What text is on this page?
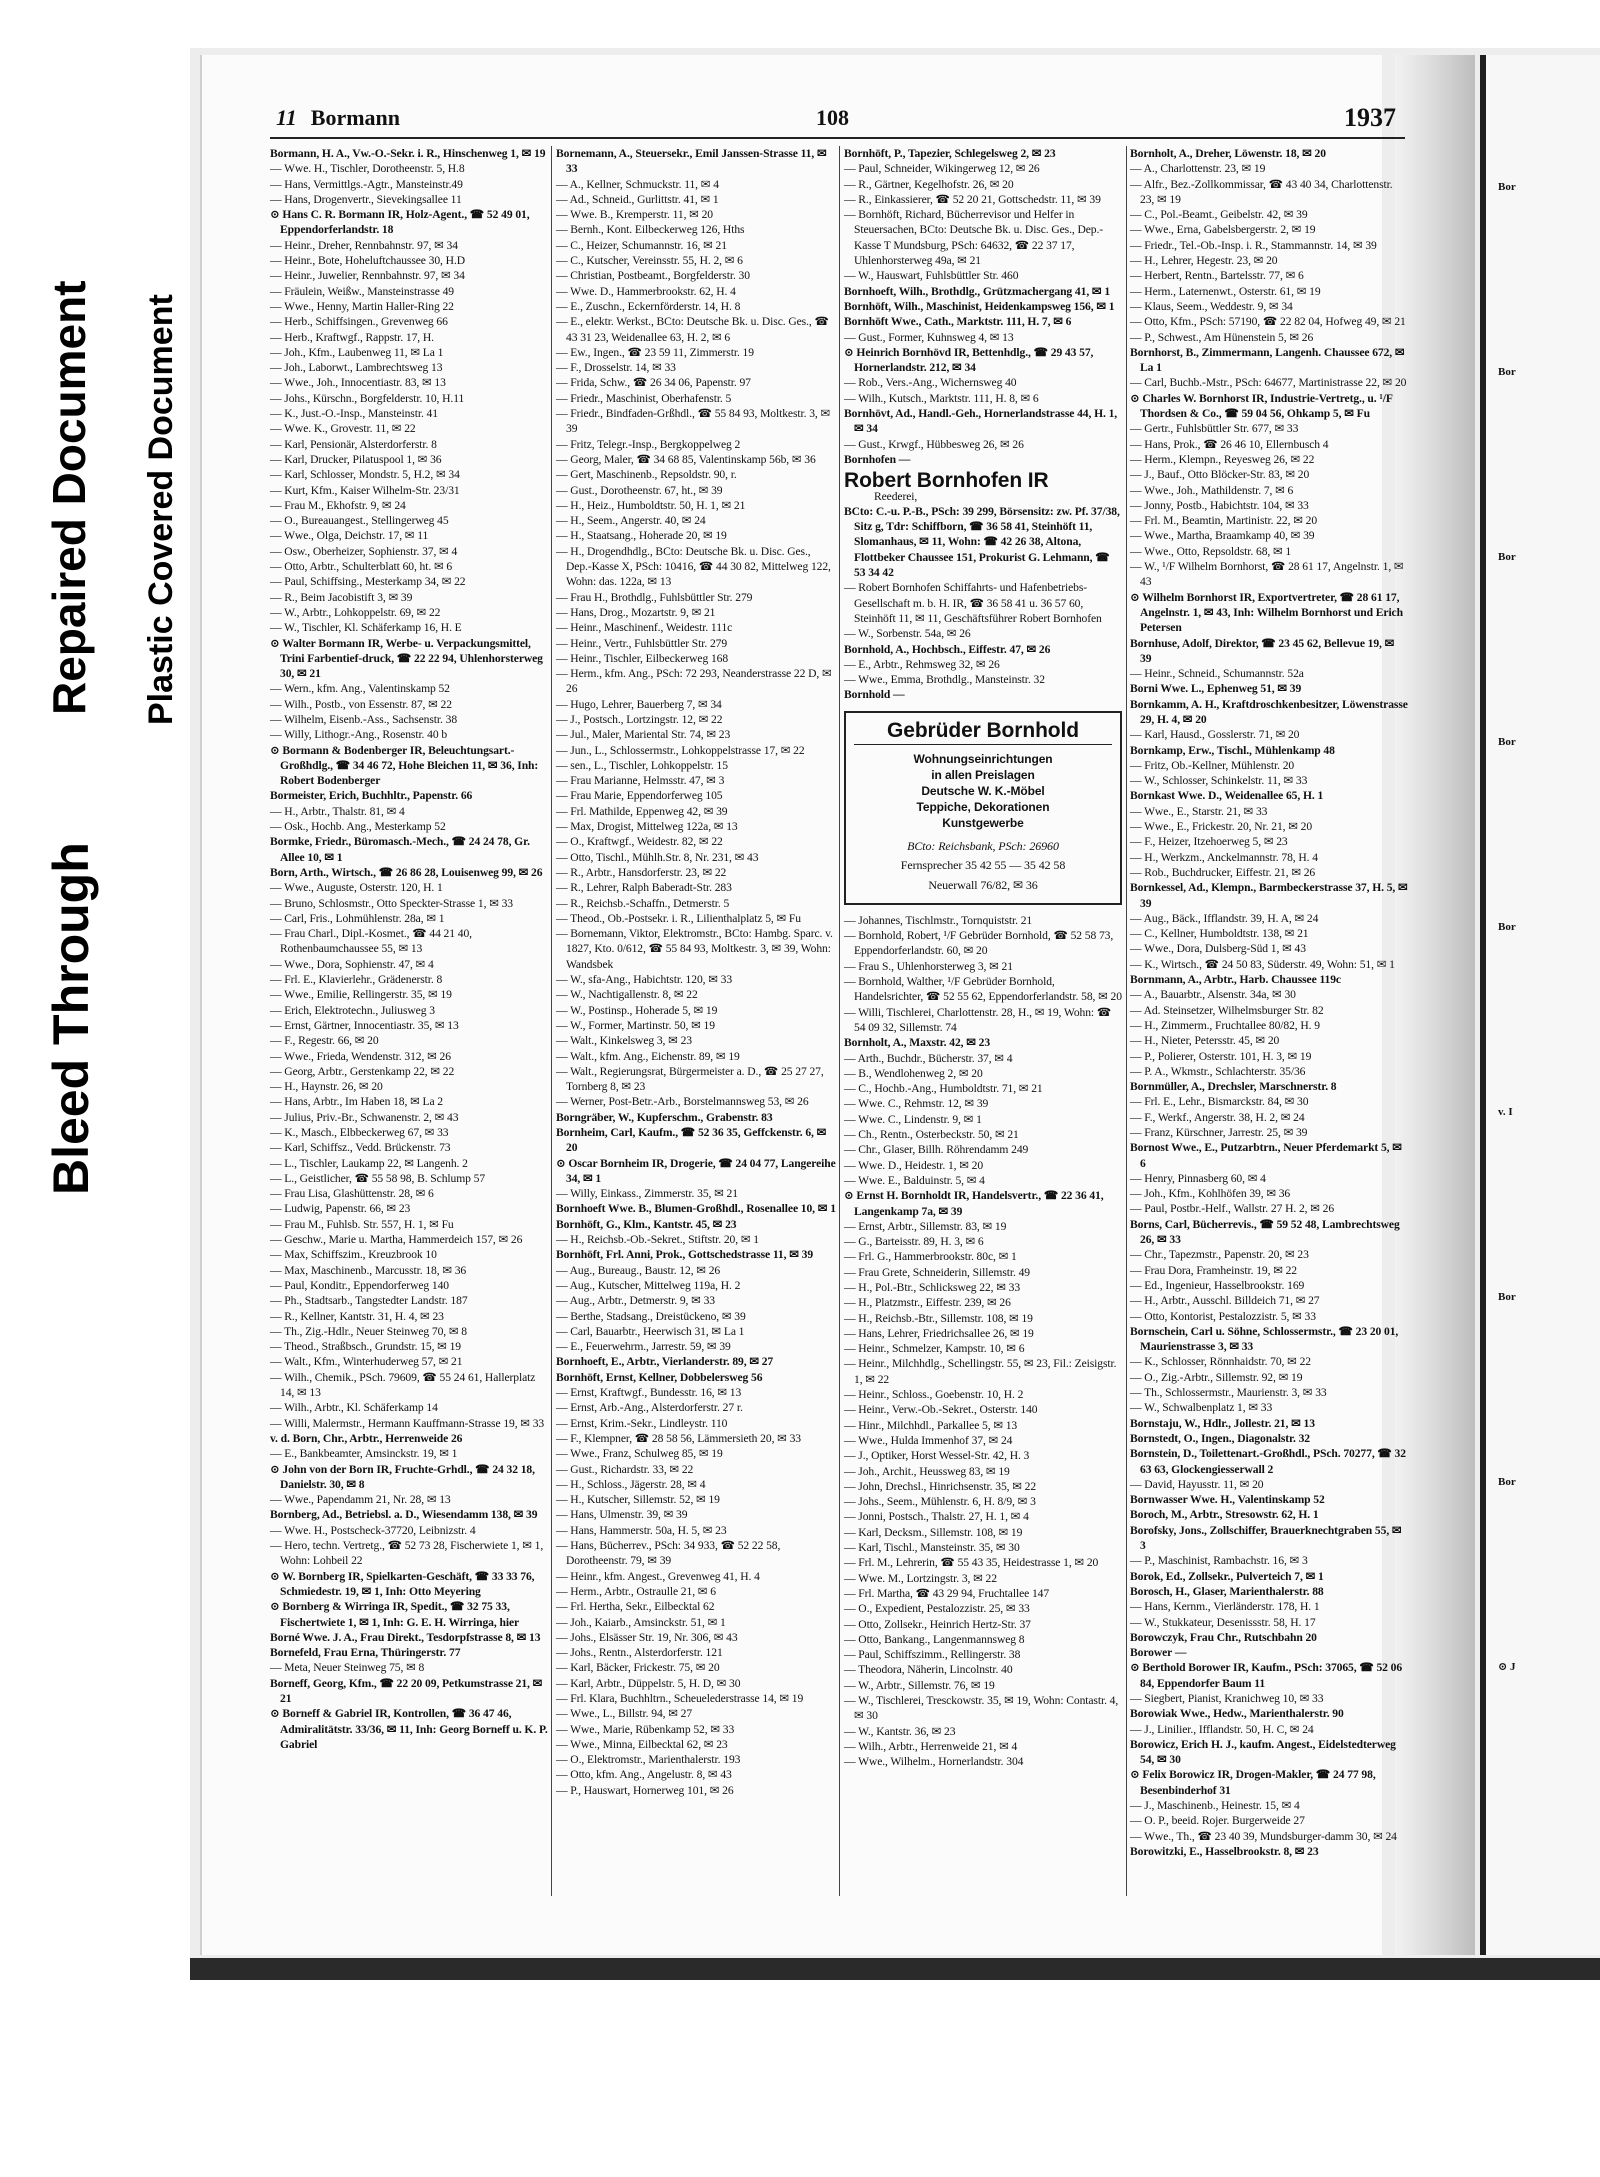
Bleed Through
Repaired Document Plastic Covered Document
Bor
Bor
Bor
Bor
Bor
v. I
Bor
Bor
⊙ J
11 Bormann	108	1937
Bormann, H. A., Vw.-O.-Sekr. i. R., Hinschenweg 1, ✉ 19
— Wwe. H., Tischler, Dorotheenstr. 5, H.8
— Hans, Vermittlgs.-Agtr., Mansteinstr.49
— Hans, Drogenvertr., Sievekingsallee 11
⊙ Hans C. R. Bormann IR, Holz-Agent., ☎ 52 49 01, Eppendorferlandstr. 18
— Heinr., Dreher, Rennbahnstr. 97, ✉ 34
— Heinr., Bote, Hoheluftchaussee 30, H.D
— Heinr., Juwelier, Rennbahnstr. 97, ✉ 34
— Fräulein, Weißw., Mansteinstrasse 49
— Wwe., Henny, Martin Haller-Ring 22
— Herb., Schiffsingen., Grevenweg 66
— Herb., Kraftwgf., Rappstr. 17, H.
— Joh., Kfm., Laubenweg 11, ✉ La 1
— Joh., Laborwt., Lambrechtsweg 13
— Wwe., Joh., Innocentiastr. 83, ✉ 13
— Johs., Kürschn., Borgfelderstr. 10, H.11
— K., Just.-O.-Insp., Mansteinstr. 41
— Wwe. K., Grovestr. 11, ✉ 22
— Karl, Pensionär, Alsterdorferstr. 8
— Karl, Drucker, Pilatuspool 1, ✉ 36
— Karl, Schlosser, Mondstr. 5, H.2, ✉ 34
— Kurt, Kfm., Kaiser Wilhelm-Str. 23/31
— Frau M., Ekhofstr. 9, ✉ 24
— O., Bureauangest., Stellingerweg 45
— Wwe., Olga, Deichstr. 17, ✉ 11
— Osw., Oberheizer, Sophienstr. 37, ✉ 4
— Otto, Arbtr., Schulterblatt 60, ht. ✉ 6
— Paul, Schiffsing., Mesterkamp 34, ✉ 22
— R., Beim Jacobistift 3, ✉ 39
— W., Arbtr., Lohkoppelstr. 69, ✉ 22
— W., Tischler, Kl. Schäferkamp 16, H. E
⊙ Walter Bormann IR, Werbe- u. Verpackungsmittel, Trini Farbentief-druck, ☎ 22 22 94, Uhlenhorsterweg 30, ✉ 21
— Wern., kfm. Ang., Valentinskamp 52
— Wilh., Postb., von Essenstr. 87, ✉ 22
— Wilhelm, Eisenb.-Ass., Sachsenstr. 38
— Willy, Lithogr.-Ang., Rosenstr. 40 b
⊙ Bormann & Bodenberger IR, Beleuchtungsart.-Großhdlg., ☎ 34 46 72, Hohe Bleichen 11, ✉ 36, Inh: Robert Bodenberger
Bormeister, Erich, Buchhltr., Papenstr. 66
— H., Arbtr., Thalstr. 81, ✉ 4
— Osk., Hochb. Ang., Mesterkamp 52
Bormke, Friedr., Büromasch.-Mech., ☎ 24 24 78, Gr. Allee 10, ✉ 1
Born, Arth., Wirtsch., ☎ 26 86 28, Louisenweg 99, ✉ 26
— Wwe., Auguste, Osterstr. 120, H. 1
— Bruno, Schlosmstr., Otto Speckter-Strasse 1, ✉ 33
— Carl, Fris., Lohmühlenstr. 28a, ✉ 1
— Frau Charl., Dipl.-Kosmet., ☎ 44 21 40, Rothenbaumchaussee 55, ✉ 13
— Wwe., Dora, Sophienstr. 47, ✉ 4
— Frl. E., Klavierlehr., Grädenerstr. 8
— Wwe., Emilie, Rellingerstr. 35, ✉ 19
— Erich, Elektrotechn., Juliusweg 3
— Ernst, Gärtner, Innocentiastr. 35, ✉ 13
— F., Regestr. 66, ✉ 20
— Wwe., Frieda, Wendenstr. 312, ✉ 26
— Georg, Arbtr., Gerstenkamp 22, ✉ 22
— H., Haynstr. 26, ✉ 20
— Hans, Arbtr., Im Haben 18, ✉ La 2
— Julius, Priv.-Br., Schwanenstr. 2, ✉ 43
— K., Masch., Elbbeckerweg 67, ✉ 33
— Karl, Schiffsz., Vedd. Brückenstr. 73
— L., Tischler, Laukamp 22, ✉ Langenh. 2
— L., Geistlicher, ☎ 55 58 98, B. Schlump 57
— Frau Lisa, Glashüttenstr. 28, ✉ 6
— Ludwig, Papenstr. 66, ✉ 23
— Frau M., Fuhlsb. Str. 557, H. 1, ✉ Fu
— Geschw., Marie u. Martha, Hammerdeich 157, ✉ 26
— Max, Schiffszim., Kreuzbrook 10
— Max, Maschinenb., Marcusstr. 18, ✉ 36
— Paul, Konditr., Eppendorferweg 140
— Ph., Stadtsarb., Tangstedter Landstr. 187
— R., Kellner, Kantstr. 31, H. 4, ✉ 23
— Th., Zig.-Hdlr., Neuer Steinweg 70, ✉ 8
— Theod., Straßbsch., Grundstr. 15, ✉ 19
— Walt., Kfm., Winterhuderweg 57, ✉ 21
— Wilh., Chemik., PSch. 79609, ☎ 55 24 61, Hallerplatz 14, ✉ 13
— Wilh., Arbtr., Kl. Schäferkamp 14
— Willi, Malermstr., Hermann Kauffmann-Strasse 19, ✉ 33
v. d. Born, Chr., Arbtr., Herrenweide 26
— E., Bankbeamter, Amsinckstr. 19, ✉ 1
⊙ John von der Born IR, Fruchte-Grhdl., ☎ 24 32 18, Danielstr. 30, ✉ 8
— Wwe., Papendamm 21, Nr. 28, ✉ 13
Bornberg, Ad., Betriebsl. a. D., Wiesendamm 138, ✉ 39
— Wwe. H., Postscheck-37720, Leibnizstr. 4
— Hero, techn. Vertretg., ☎ 52 73 28, Fischerwiete 1, ✉ 1, Wohn: Lohbeil 22
⊙ W. Bornberg IR, Spielkarten-Geschäft, ☎ 33 33 76, Schmiedestr. 19, ✉ 1, Inh: Otto Meyering
⊙ Bornberg & Wirringa IR, Spedit., ☎ 32 75 33, Fischertwiete 1, ✉ 1, Inh: G. E. H. Wirringa, hier
Borné Wwe. J. A., Frau Direkt., Tesdorpfstrasse 8, ✉ 13
Bornefeld, Frau Erna, Thüringerstr. 77
— Meta, Neuer Steinweg 75, ✉ 8
Borneff, Georg, Kfm., ☎ 22 20 09, Petkumstrasse 21, ✉ 21
⊙ Borneff & Gabriel IR, Kontrollen, ☎ 36 47 46, Admiralitätstr. 33/36, ✉ 11, Inh: Georg Borneff u. K. P. Gabriel
Bornemann, A., Steuersekr., Emil Janssen-Strasse 11, ✉ 33
— A., Kellner, Schmuckstr. 11, ✉ 4
— Ad., Schneid., Gurlittstr. 41, ✉ 1
— Wwe. B., Kremperstr. 11, ✉ 20
— Bernh., Kont. Eilbeckerweg 126, Hths
— C., Heizer, Schumannstr. 16, ✉ 21
— C., Kutscher, Vereinsstr. 55, H. 2, ✉ 6
— Christian, Postbeamt., Borgfelderstr. 30
— Wwe. D., Hammerbrookstr. 62, H. 4
— E., Zuschn., Eckernförderstr. 14, H. 8
— E., elektr. Werkst., BCto: Deutsche Bk. u. Disc. Ges., ☎ 43 31 23, Weidenallee 63, H. 2, ✉ 6
— Ew., Ingen., ☎ 23 59 11, Zimmerstr. 19
— F., Drosselstr. 14, ✉ 33
— Frida, Schw., ☎ 26 34 06, Papenstr. 97
— Friedr., Maschinist, Oberhafenstr. 5
— Friedr., Bindfaden-Grßhdl., ☎ 55 84 93, Moltkestr. 3, ✉ 39
— Fritz, Telegr.-Insp., Bergkoppelweg 2
— Georg, Maler, ☎ 34 68 85, Valentinskamp 56b, ✉ 36
— Gert, Maschinenb., Repsoldstr. 90, r.
— Gust., Dorotheenstr. 67, ht., ✉ 39
— H., Heiz., Humboldtstr. 50, H. 1, ✉ 21
— H., Seem., Angerstr. 40, ✉ 24
— H., Staatsang., Hoherade 20, ✉ 19
— H., Drogendhdlg., BCto: Deutsche Bk. u. Disc. Ges., Dep.-Kasse X, PSch: 10416, ☎ 44 30 82, Mittelweg 122, Wohn: das. 122a, ✉ 13
— Frau H., Brothdlg., Fuhlsbüttler Str. 279
— Hans, Drog., Mozartstr. 9, ✉ 21
— Heinr., Maschinenf., Weidestr. 111c
— Heinr., Vertr., Fuhlsbüttler Str. 279
— Heinr., Tischler, Eilbeckerweg 168
— Herm., kfm. Ang., PSch: 72 293, Neanderstrasse 22 D, ✉ 26
— Hugo, Lehrer, Bauerberg 7, ✉ 34
— J., Postsch., Lortzingstr. 12, ✉ 22
— Jul., Maler, Mariental Str. 74, ✉ 23
— Jun., L., Schlossermstr., Lohkoppelstrasse 17, ✉ 22
— sen., L., Tischler, Lohkoppelstr. 15
— Frau Marianne, Helmsstr. 47, ✉ 3
— Frau Marie, Eppendorferweg 105
— Frl. Mathilde, Eppenweg 42, ✉ 39
— Max, Drogist, Mittelweg 122a, ✉ 13
— O., Kraftwgf., Weidestr. 82, ✉ 22
— Otto, Tischl., Mühlh.Str. 8, Nr. 231, ✉ 43
— R., Arbtr., Hansdorferstr. 23, ✉ 22
— R., Lehrer, Ralph Baberadt-Str. 283
— R., Reichsb.-Schaffn., Detmerstr. 5
— Theod., Ob.-Postsekr. i. R., Lilienthalplatz 5, ✉ Fu
— Bornemann, Viktor, Elektromstr., BCto: Hambg. Sparc. v. 1827, Kto. 0/612, ☎ 55 84 93, Moltkestr. 3, ✉ 39, Wohn: Wandsbek
— W., sfa-Ang., Habichtstr. 120, ✉ 33
— W., Nachtigallenstr. 8, ✉ 22
— W., Postinsp., Hoherade 5, ✉ 19
— W., Former, Martinstr. 50, ✉ 19
— Walt., Kinkelsweg 3, ✉ 23
— Walt., kfm. Ang., Eichenstr. 89, ✉ 19
— Walt., Regierungsrat, Bürgermeister a. D., ☎ 25 27 27, Tornberg 8, ✉ 23
— Werner, Post-Betr.-Arb., Borstelmannsweg 53, ✉ 26
Borngräber, W., Kupferschm., Grabenstr. 83
Bornheim, Carl, Kaufm., ☎ 52 36 35, Geffckenstr. 6, ✉ 20
⊙ Oscar Bornheim IR, Drogerie, ☎ 24 04 77, Langereihe 34, ✉ 1
— Willy, Einkass., Zimmerstr. 35, ✉ 21
Bornhoeft Wwe. B., Blumen-Großhdl., Rosenallee 10, ✉ 1
Bornhöft, G., Klm., Kantstr. 45, ✉ 23
— H., Reichsb.-Ob.-Sekret., Stiftstr. 20, ✉ 1
Bornhöft, Frl. Anni, Prok., Gottschedstrasse 11, ✉ 39
— Aug., Bureaug., Baustr. 12, ✉ 26
— Aug., Kutscher, Mittelweg 119a, H. 2
— Aug., Arbtr., Detmerstr. 9, ✉ 33
— Berthe, Stadsang., Dreistückeno, ✉ 39
— Carl, Bauarbtr., Heerwisch 31, ✉ La 1
— E., Feuerwehrm., Jarrestr. 59, ✉ 39
Bornhoeft, E., Arbtr., Vierlanderstr. 89, ✉ 27
Bornhöft, Ernst, Kellner, Dobbelersweg 56
— Ernst, Kraftwgf., Bundesstr. 16, ✉ 13
— Ernst, Arb.-Ang., Alsterdorferstr. 27 r.
— Ernst, Krim.-Sekr., Lindleystr. 110
— F., Klempner, ☎ 28 58 56, Lämmersieth 20, ✉ 33
— Wwe., Franz, Schulweg 85, ✉ 19
— Gust., Richardstr. 33, ✉ 22
— H., Schloss., Jägerstr. 28, ✉ 4
— H., Kutscher, Sillemstr. 52, ✉ 19
— Hans, Ulmenstr. 39, ✉ 39
— Hans, Hammerstr. 50a, H. 5, ✉ 23
— Hans, Bücherrev., PSch: 34 933, ☎ 52 22 58, Dorotheenstr. 79, ✉ 39
— Heinr., kfm. Angest., Grevenweg 41, H. 4
— Herm., Arbtr., Ostraulle 21, ✉ 6
— Frl. Hertha, Sekr., Eilbecktal 62
— Joh., Kaiarb., Amsinckstr. 51, ✉ 1
— Johs., Elsässer Str. 19, Nr. 306, ✉ 43
— Johs., Rentn., Alsterdorferstr. 121
— Karl, Bäcker, Frickestr. 75, ✉ 20
— Karl, Arbtr., Düppelstr. 5, H. D, ✉ 30
— Frl. Klara, Buchhltrn., Scheuelederstrasse 14, ✉ 19
— Wwe., L., Billstr. 94, ✉ 27
— Wwe., Marie, Rübenkamp 52, ✉ 33
— Wwe., Minna, Eilbecktal 62, ✉ 23
— O., Elektromstr., Marienthalerstr. 193
— Otto, kfm. Ang., Angelustr. 8, ✉ 43
— P., Hauswart, Hornerweg 101, ✉ 26
Bornhöft, P., Tapezier, Schlegelsweg 2, ✉ 23
— Paul, Schneider, Wikingerweg 12, ✉ 26
— R., Gärtner, Kegelhofstr. 26, ✉ 20
— R., Einkassierer, ☎ 52 20 21, Gottschedstr. 11, ✉ 39
— Bornhöft, Richard, Bücherrevisor und Helfer in Steuersachen, BCto: Deutsche Bk. u. Disc. Ges., Dep.-Kasse T Mundsburg, PSch: 64632, ☎ 22 37 17, Uhlenhorsterweg 49a, ✉ 21
— W., Hauswart, Fuhlsbüttler Str. 460
Bornhoeft, Wilh., Brothdlg., Grützmachergang 41, ✉ 1
Bornhöft, Wilh., Maschinist, Heidenkampsweg 156, ✉ 1
Bornhöft Wwe., Cath., Marktstr. 111, H. 7, ✉ 6
— Gust., Former, Kuhnsweg 4, ✉ 13
⊙ Heinrich Bornhövd IR, Bettenhdlg., ☎ 29 43 57, Hornerlandstr. 212, ✉ 34
— Rob., Vers.-Ang., Wichernsweg 40
— Wilh., Kutsch., Marktstr. 111, H. 8, ✉ 6
Bornhövt, Ad., Handl.-Geh., Hornerlandstrasse 44, H. 1, ✉ 34
— Gust., Krwgf., Hübbesweg 26, ✉ 26
Bornhofen —
Robert Bornhofen IR
Reederei,
BCto: C.-u. P.-B., PSch: 39 299, Börsensitz: zw. Pf. 37/38, Sitz g, Tdr: Schiffborn, ☎ 36 58 41, Steinhöft 11, Slomanhaus, ✉ 11, Wohn: ☎ 42 26 38, Altona, Flottbeker Chaussee 151, Prokurist G. Lehmann, ☎ 53 34 42
— Robert Bornhofen Schiffahrts- und Hafenbetriebs-Gesellschaft m. b. H. IR, ☎ 36 58 41 u. 36 57 60, Steinhöft 11, ✉ 11, Geschäftsführer Robert Bornhofen
— W., Sorbenstr. 54a, ✉ 26
Bornhold, A., Hochbsch., Eiffestr. 47, ✉ 26
— E., Arbtr., Rehmsweg 32, ✉ 26
— Wwe., Emma, Brothdlg., Mansteinstr. 32
Bornhold —
Gebrüder Bornhold
Wohnungseinrichtungen
in allen Preislagen
Deutsche W. K.-Möbel
Teppiche, Dekorationen
Kunstgewerbe
BCto: Reichsbank, PSch: 26960
Fernsprecher 35 42 55 — 35 42 58
Neuerwall 76/82, ✉ 36
— Johannes, Tischlmstr., Tornquiststr. 21
— Bornhold, Robert, ¹/F Gebrüder Bornhold, ☎ 52 58 73, Eppendorferlandstr. 60, ✉ 20
— Frau S., Uhlenhorsterweg 3, ✉ 21
— Bornhold, Walther, ¹/F Gebrüder Bornhold, Handelsrichter, ☎ 52 55 62, Eppendorferlandstr. 58, ✉ 20
— Willi, Tischlerei, Charlottenstr. 28, H., ✉ 19, Wohn: ☎ 54 09 32, Sillemstr. 74
Bornholt, A., Maxstr. 42, ✉ 23
— Arth., Buchdr., Bücherstr. 37, ✉ 4
— B., Wendlohenweg 2, ✉ 20
— C., Hochb.-Ang., Humboldtstr. 71, ✉ 21
— Wwe. C., Rehmstr. 12, ✉ 39
— Wwe. C., Lindenstr. 9, ✉ 1
— Ch., Rentn., Osterbeckstr. 50, ✉ 21
— Chr., Glaser, Billh. Röhrendamm 249
— Wwe. D., Heidestr. 1, ✉ 20
— Wwe. E., Balduinstr. 5, ✉ 4
⊙ Ernst H. Bornholdt IR, Handelsvertr., ☎ 22 36 41, Langenkamp 7a, ✉ 39
— Ernst, Arbtr., Sillemstr. 83, ✉ 19
— G., Barteisstr. 89, H. 3, ✉ 6
— Frl. G., Hammerbrookstr. 80c, ✉ 1
— Frau Grete, Schneiderin, Sillemstr. 49
— H., Pol.-Btr., Schlicksweg 22, ✉ 33
— H., Platzmstr., Eiffestr. 239, ✉ 26
— H., Reichsb.-Btr., Sillemstr. 108, ✉ 19
— Hans, Lehrer, Friedrichsallee 26, ✉ 19
— Heinr., Schmelzer, Kampstr. 10, ✉ 6
— Heinr., Milchhdlg., Schellingstr. 55, ✉ 23, Fil.: Zeisigstr. 1, ✉ 22
— Heinr., Schloss., Goebenstr. 10, H. 2
— Heinr., Verw.-Ob.-Sekret., Osterstr. 140
— Hinr., Milchhdl., Parkallee 5, ✉ 13
— Wwe., Hulda Immenhof 37, ✉ 24
— J., Optiker, Horst Wessel-Str. 42, H. 3
— Joh., Archit., Heussweg 83, ✉ 19
— John, Drechsl., Hinrichsenstr. 35, ✉ 22
— Johs., Seem., Mühlenstr. 6, H. 8/9, ✉ 3
— Jonni, Postsch., Thalstr. 27, H. 1, ✉ 4
— Karl, Decksm., Sillemstr. 108, ✉ 19
— Karl, Tischl., Mansteinstr. 35, ✉ 30
— Frl. M., Lehrerin, ☎ 55 43 35, Heidestrasse 1, ✉ 20
— Wwe. M., Lortzingstr. 3, ✉ 22
— Frl. Martha, ☎ 43 29 94, Fruchtallee 147
— O., Expedient, Pestalozzistr. 25, ✉ 33
— Otto, Zollsekr., Heinrich Hertz-Str. 37
— Otto, Bankang., Langenmannsweg 8
— Paul, Schiffszimm., Rellingerstr. 38
— Theodora, Näherin, Lincolnstr. 40
— W., Arbtr., Sillemstr. 76, ✉ 19
— W., Tischlerei, Tresckowstr. 35, ✉ 19, Wohn: Contastr. 4, ✉ 30
— W., Kantstr. 36, ✉ 23
— Wilh., Arbtr., Herrenweide 21, ✉ 4
— Wwe., Wilhelm., Hornerlandstr. 304
Bornholt, A., Dreher, Löwenstr. 18, ✉ 20
— A., Charlottenstr. 23, ✉ 19
— Alfr., Bez.-Zollkommissar, ☎ 43 40 34, Charlottenstr. 23, ✉ 19
— C., Pol.-Beamt., Geibelstr. 42, ✉ 39
— Wwe., Erna, Gabelsbergerstr. 2, ✉ 19
— Friedr., Tel.-Ob.-Insp. i. R., Stammannstr. 14, ✉ 39
— H., Lehrer, Hegestr. 23, ✉ 20
— Herbert, Rentn., Bartelsstr. 77, ✉ 6
— Herm., Laternenwt., Osterstr. 61, ✉ 19
— Klaus, Seem., Weddestr. 9, ✉ 34
— Otto, Kfm., PSch: 57190, ☎ 22 82 04, Hofweg 49, ✉ 21
— P., Schwest., Am Hünenstein 5, ✉ 26
Bornhorst, B., Zimmermann, Langenh. Chaussee 672, ✉ La 1
— Carl, Buchb.-Mstr., PSch: 64677, Martinistrasse 22, ✉ 20
⊙ Charles W. Bornhorst IR, Industrie-Vertretg., u. ¹/F Thordsen & Co., ☎ 59 04 56, Ohkamp 5, ✉ Fu
— Gertr., Fuhlsbüttler Str. 677, ✉ 33
— Hans, Prok., ☎ 26 46 10, Ellernbusch 4
— Herm., Klempn., Reyesweg 26, ✉ 22
— J., Bauf., Otto Blöcker-Str. 83, ✉ 20
— Wwe., Joh., Mathildenstr. 7, ✉ 6
— Jonny, Postb., Habichtstr. 104, ✉ 33
— Frl. M., Beamtin, Martinistr. 22, ✉ 20
— Wwe., Martha, Braamkamp 40, ✉ 39
— Wwe., Otto, Repsoldstr. 68, ✉ 1
— W., ¹/F Wilhelm Bornhorst, ☎ 28 61 17, Angelnstr. 1, ✉ 43
⊙ Wilhelm Bornhorst IR, Exportvertreter, ☎ 28 61 17, Angelnstr. 1, ✉ 43, Inh: Wilhelm Bornhorst und Erich Petersen
Bornhuse, Adolf, Direktor, ☎ 23 45 62, Bellevue 19, ✉ 39
— Heinr., Schneid., Schumannstr. 52a
Borni Wwe. L., Ephenweg 51, ✉ 39
Bornkamm, A. H., Kraftdroschkenbesitzer, Löwenstrasse 29, H. 4, ✉ 20
— Karl, Hausd., Gosslerstr. 71, ✉ 20
Bornkamp, Erw., Tischl., Mühlenkamp 48
— Fritz, Ob.-Kellner, Mühlenstr. 20
— W., Schlosser, Schinkelstr. 11, ✉ 33
Bornkast Wwe. D., Weidenallee 65, H. 1
— Wwe., E., Starstr. 21, ✉ 33
— Wwe., E., Frickestr. 20, Nr. 21, ✉ 20
— F., Heizer, Itzehoerweg 5, ✉ 23
— H., Werkzm., Anckelmannstr. 78, H. 4
— Rob., Buchdrucker, Eiffestr. 21, ✉ 26
Bornkessel, Ad., Klempn., Barmbeckerstrasse 37, H. 5, ✉ 39
— Aug., Bäck., Ifflandstr. 39, H. A, ✉ 24
— C., Kellner, Humboldtstr. 138, ✉ 21
— Wwe., Dora, Dulsberg-Süd 1, ✉ 43
— K., Wirtsch., ☎ 24 50 83, Süderstr. 49, Wohn: 51, ✉ 1
Bornmann, A., Arbtr., Harb. Chaussee 119c
— A., Bauarbtr., Alsenstr. 34a, ✉ 30
— Ad. Steinsetzer, Wilhelmsburger Str. 82
— H., Zimmerm., Fruchtallee 80/82, H. 9
— H., Nieter, Petersstr. 45, ✉ 20
— P., Polierer, Osterstr. 101, H. 3, ✉ 19
— P. A., Wkmstr., Schlachterstr. 35/36
Bornmüller, A., Drechsler, Marschnerstr. 8
— Frl. E., Lehr., Bismarckstr. 84, ✉ 30
— F., Werkf., Angerstr. 38, H. 2, ✉ 24
— Franz, Kürschner, Jarrestr. 25, ✉ 39
Bornost Wwe., E., Putzarbtrn., Neuer Pferdemarkt 5, ✉ 6
— Henry, Pinnasberg 60, ✉ 4
— Joh., Kfm., Kohlhöfen 39, ✉ 36
— Paul, Postbr.-Helf., Wallstr. 27 H. 2, ✉ 26
Borns, Carl, Bücherrevis., ☎ 59 52 48, Lambrechtsweg 26, ✉ 33
— Chr., Tapezmstr., Papenstr. 20, ✉ 23
— Frau Dora, Framheinstr. 19, ✉ 22
— Ed., Ingenieur, Hasselbrookstr. 169
— H., Arbtr., Ausschl. Billdeich 71, ✉ 27
— Otto, Kontorist, Pestalozzistr. 5, ✉ 33
Bornschein, Carl u. Söhne, Schlossermstr., ☎ 23 20 01, Maurienstrasse 3, ✉ 33
— K., Schlosser, Rönnhaidstr. 70, ✉ 22
— O., Zig.-Arbtr., Sillemstr. 92, ✉ 19
— Th., Schlossermstr., Maurienstr. 3, ✉ 33
— W., Schwalbenplatz 1, ✉ 33
Bornstaju, W., Hdlr., Jollestr. 21, ✉ 13
Bornstedt, O., Ingen., Diagonalstr. 32
Bornstein, D., Toilettenart.-Großhdl., PSch. 70277, ☎ 32 63 63, Glockengiesserwall 2
— David, Hayusstr. 11, ✉ 20
Bornwasser Wwe. H., Valentinskamp 52
Boroch, M., Arbtr., Stresowstr. 62, H. 1
Borofsky, Jons., Zollschiffer, Brauerknechtgraben 55, ✉ 3
— P., Maschinist, Rambachstr. 16, ✉ 3
Borok, Ed., Zollsekr., Pulverteich 7, ✉ 1
Borosch, H., Glaser, Marienthalerstr. 88
— Hans, Kernm., Vierländerstr. 178, H. 1
— W., Stukkateur, Desenissstr. 58, H. 17
Borowczyk, Frau Chr., Rutschbahn 20
Borower —
⊙ Berthold Borower IR, Kaufm., PSch: 37065, ☎ 52 06 84, Eppendorfer Baum 11
— Siegbert, Pianist, Kranichweg 10, ✉ 33
Borowiak Wwe., Hedw., Marienthalerstr. 90
— J., Linilier., Ifflandstr. 50, H. C, ✉ 24
Borowicz, Erich H. J., kaufm. Angest., Eidelstedterweg 54, ✉ 30
⊙ Felix Borowicz IR, Drogen-Makler, ☎ 24 77 98, Besenbinderhof 31
— J., Maschinenb., Heinestr. 15, ✉ 4
— O. P., beeid. Rojer. Burgerweide 27
— Wwe., Th., ☎ 23 40 39, Mundsburger-damm 30, ✉ 24
Borowitzki, E., Hasselbrookstr. 8, ✉ 23
